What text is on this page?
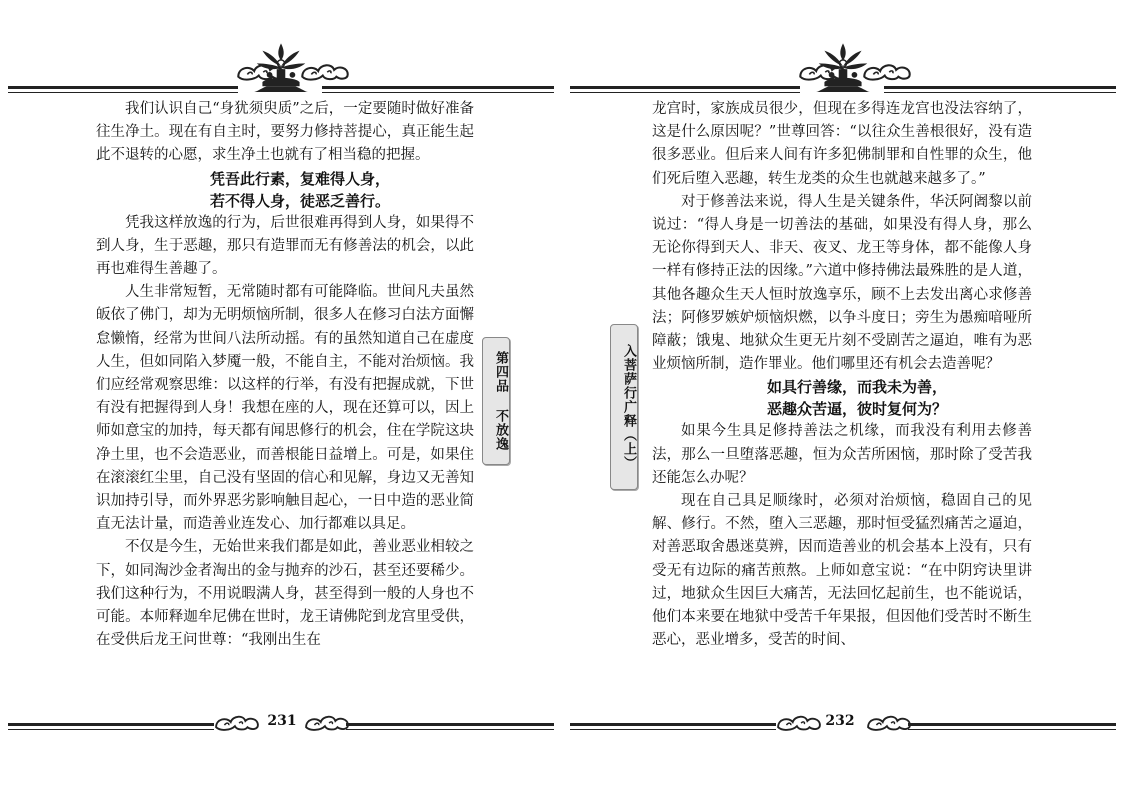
　　我们认识自己“身犹须臾质”之后，一定要随时做好准备往生净土。现在有自主时，要努力修持菩提心，真正能生起此不退转的心愿，求生净土也就有了相当稳的把握。

凭吾此行素，复难得人身，

若不得人身，徒恶乏善行。

凭我这样放逸的行为，后世很难再得到人身，如果得不到人身，生于恶趣，那只有造罪而无有修善法的机会，以此再也难得生善趣了。

人生非常短暂，无常随时都有可能降临。世间凡夫虽然皈依了佛门，却为无明烦恼所制，很多人在修习白法方面懈怠懒惰，经常为世间八法所动摇。有的虽然知道自己在虚度人生，但如同陷入梦魇一般，不能自主，不能对治烦恼。我们应经常观察思维：以这样的行举，有没有把握成就，下世有没有把握得到人身！我想在座的人，现在还算可以，因上师如意宝的加持，每天都有闻思修行的机会，住在学院这块净土里，也不会造恶业，而善根能日益增上。可是，如果住在滚滚红尘里，自己没有坚固的信心和见解，身边又无善知识加持引导，而外界恶劣影响触目起心，一日中造的恶业简直无法计量，而造善业连发心、加行都难以具足。

不仅是今生，无始世来我们都是如此，善业恶业相较之下，如同淘沙金者淘出的金与抛弃的沙石，甚至还要稀少。我们这种行为，不用说暇满人身，甚至得到一般的人身也不可能。本师释迦牟尼佛在世时，龙王请佛陀到龙宫里受供，在受供后龙王问世尊：“我刚出生在

第四品 不放逸
231
入菩萨行广释（上）

龙宫时，家族成员很少，但现在多得连龙宫也没法容纳了，这是什么原因呢？”世尊回答：“以往众生善根很好，没有造很多恶业。但后来人间有许多犯佛制罪和自性罪的众生，他们死后堕入恶趣，转生龙类的众生也就越来越多了。”

对于修善法来说，得人生是关键条件，华沃阿阇黎以前说过：“得人身是一切善法的基础，如果没有得人身，那么无论你得到天人、非天、夜叉、龙王等身体，都不能像人身一样有修持正法的因缘。”六道中修持佛法最殊胜的是人道，其他各趣众生天人恒时放逸享乐，顾不上去发出离心求修善法；阿修罗嫉妒烦恼炽燃，以争斗度日；旁生为愚痴喑哑所障蔽；饿鬼、地狱众生更无片刻不受剧苦之逼迫，唯有为恶业烦恼所制，造作罪业。他们哪里还有机会去造善呢？

如具行善缘，而我未为善，

恶趣众苦逼，彼时复何为？

如果今生具足修持善法之机缘，而我没有利用去修善法，那么一旦堕落恶趣，恒为众苦所困恼，那时除了受苦我还能怎么办呢？

现在自己具足顺缘时，必须对治烦恼，稳固自己的见解、修行。不然，堕入三恶趣，那时恒受猛烈痛苦之逼迫，对善恶取舍愚迷莫辨，因而造善业的机会基本上没有，只有受无有边际的痛苦煎熬。上师如意宝说：“在中阴窍诀里讲过，地狱众生因巨大痛苦，无法回忆起前生，也不能说话，他们本来要在地狱中受苦千年果报，但因他们受苦时不断生恶心，恶业增多，受苦的时间、

232
